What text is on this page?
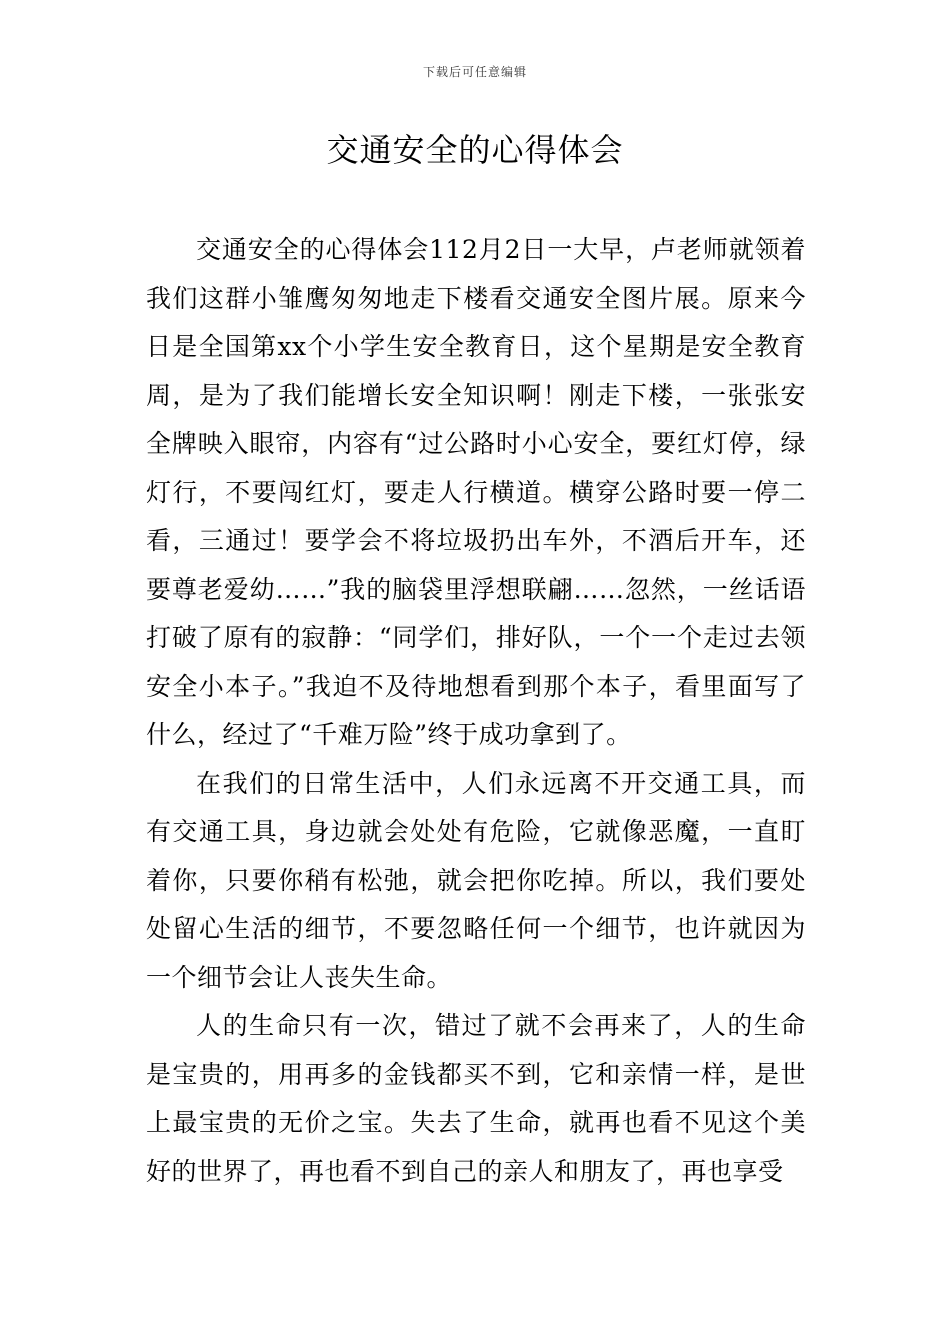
下载后可任意编辑
交通安全的心得体会

交通安全的心得体会112月2日一大早，卢老师就领着我们这群小雏鹰匆匆地走下楼看交通安全图片展。原来今日是全国第xx个小学生安全教育日，这个星期是安全教育周，是为了我们能增长安全知识啊！刚走下楼，一张张安全牌映入眼帘，内容有“过公路时小心安全，要红灯停，绿灯行，不要闯红灯，要走人行横道。横穿公路时要一停二看，三通过！要学会不将垃圾扔出车外，不酒后开车，还要尊老爱幼……”我的脑袋里浮想联翩……忽然，一丝话语打破了原有的寂静：“同学们，排好队，一个一个走过去领安全小本子。”我迫不及待地想看到那个本子，看里面写了什么，经过了“千难万险”终于成功拿到了。

在我们的日常生活中，人们永远离不开交通工具，而有交通工具，身边就会处处有危险，它就像恶魔，一直盯着你，只要你稍有松弛，就会把你吃掉。所以，我们要处处留心生活的细节，不要忽略任何一个细节，也许就因为一个细节会让人丧失生命。

人的生命只有一次，错过了就不会再来了，人的生命是宝贵的，用再多的金钱都买不到，它和亲情一样，是世上最宝贵的无价之宝。失去了生命，就再也看不见这个美好的世界了，再也看不到自己的亲人和朋友了，再也享受
